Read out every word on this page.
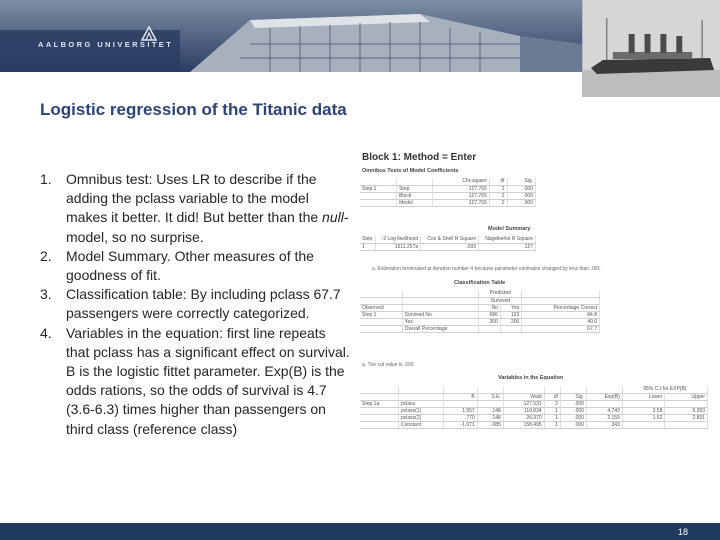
AALBORG UNIVERSITET
Logistic regression of the Titanic data
1. Omnibus test: Uses LR to describe if the adding the pclass variable to the model makes it better. It did! But better than the null-model, so no surprise.
2. Model Summary. Other measures of the goodness of fit.
3. Classification table: By including pclass 67.7 passengers were correctly categorized.
4. Variables in the equation: first line repeats that pclass has a significant effect on survival. B is the logistic fittet parameter. Exp(B) is the odds rations, so the odds of survival is 4.7 (3.6-6.3) times higher than passengers on third class (reference class)
Block 1: Method = Enter
Omnibus Tests of Model Coefficients
		Chi-square	df	Sig.
Step 1	Step	127.765	2	.000
	Block	127.765	2	.000
	Model	127.765	2	.000
Model Summary
Step	-2 Log likelihood	Cox & Snell R Square	Nagelkerke R Square
1	1611.257a	.093	.127
a. Estimation terminated at iteration number 4 because parameter estimates changed by less than .001.
Classification Table
		Predicted		
		Survived		
Observed		No	Yes	Percentage Correct
Step 1	Survived No	686	123	84.8
	Yes	300	200	40.0
	Overall Percentage			67.7
a. The cut value is .500
Variables in the Equation
								95% C.I.for EXP(B)	
		B	S.E.	Wald	df	Sig.	Exp(B)	Lower	Upper
Step 1a	pclass			127.531	2	.000			
	pclass(1)	1.557	.148	110.934	1	.000	4.743	3.58	6.283
	pclass(2)	.770	.148	26.970	1	.000	2.159	1.62	2.891
	Constant	-1.071	.085	158.495	1	.000	.343		
18
